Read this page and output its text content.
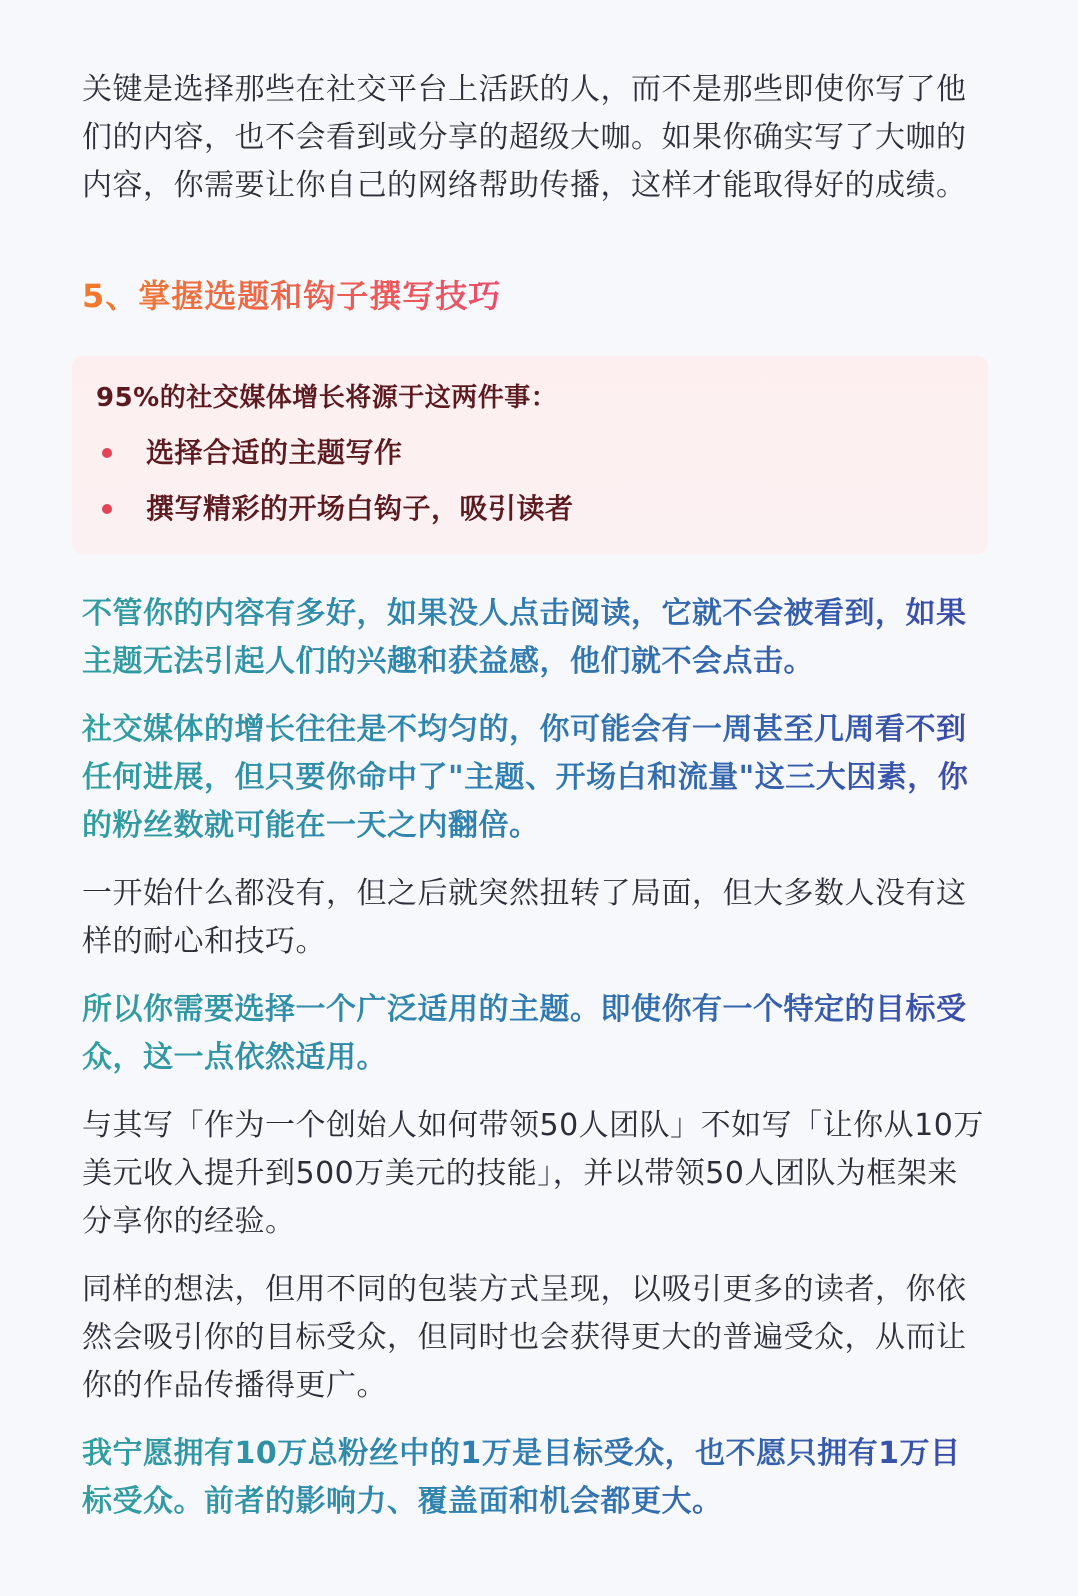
关键是选择那些在社交平台上活跃的人，而不是那些即使你写了他们的内容，也不会看到或分享的超级大咖。如果你确实写了大咖的内容，你需要让你自己的网络帮助传播，这样才能取得好的成绩。

5、掌握选题和钩子撰写技巧
95%的社交媒体增长将源于这两件事：
选择合适的主题写作
撰写精彩的开场白钩子，吸引读者

不管你的内容有多好，如果没人点击阅读，它就不会被看到，如果主题无法引起人们的兴趣和获益感，他们就不会点击。

社交媒体的增长往往是不均匀的，你可能会有一周甚至几周看不到任何进展，但只要你命中了"主题、开场白和流量"这三大因素，你的粉丝数就可能在一天之内翻倍。

一开始什么都没有，但之后就突然扭转了局面，但大多数人没有这样的耐心和技巧。

所以你需要选择一个广泛适用的主题。即使你有一个特定的目标受众，这一点依然适用。

与其写「作为一个创始人如何带领50人团队」不如写「让你从10万美元收入提升到500万美元的技能」，并以带领50人团队为框架来分享你的经验。

同样的想法，但用不同的包装方式呈现，以吸引更多的读者，你依然会吸引你的目标受众，但同时也会获得更大的普遍受众，从而让你的作品传播得更广。

我宁愿拥有10万总粉丝中的1万是目标受众，也不愿只拥有1万目标受众。前者的影响力、覆盖面和机会都更大。
